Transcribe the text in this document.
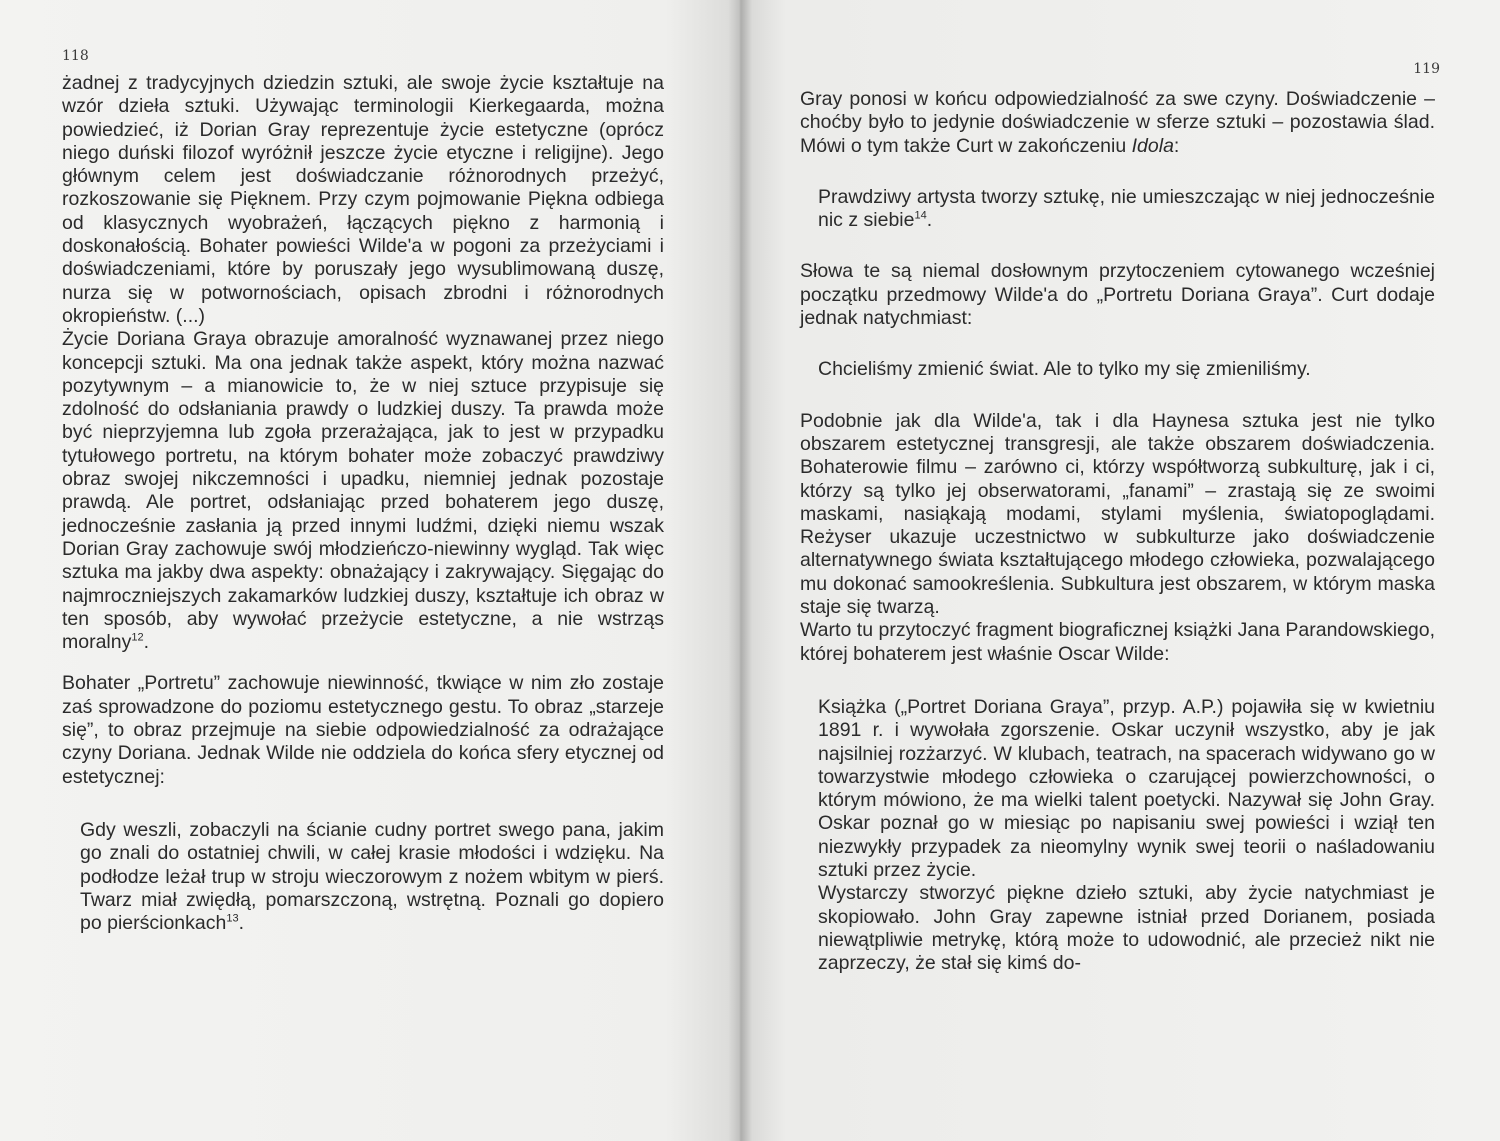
118

żadnej z tradycyjnych dziedzin sztuki, ale swoje życie kształtuje na wzór dzieła sztuki. Używając terminologii Kierkegaarda, można powiedzieć, iż Dorian Gray reprezentuje życie estetyczne (oprócz niego duński filozof wyróżnił jeszcze życie etyczne i religijne). Jego głównym celem jest doświadczanie różnorodnych przeżyć, rozkoszowanie się Pięknem. Przy czym pojmowanie Piękna odbiega od klasycznych wyobrażeń, łączących piękno z harmonią i doskonałością. Bohater powieści Wilde'a w pogoni za przeżyciami i doświadczeniami, które by poruszały jego wysublimowaną duszę, nurza się w potwornościach, opisach zbrodni i różnorodnych okropieństw. (...)

Życie Doriana Graya obrazuje amoralność wyznawanej przez niego koncepcji sztuki. Ma ona jednak także aspekt, który można nazwać pozytywnym – a mianowicie to, że w niej sztuce przypisuje się zdolność do odsłaniania prawdy o ludzkiej duszy. Ta prawda może być nieprzyjemna lub zgoła przerażająca, jak to jest w przypadku tytułowego portretu, na którym bohater może zobaczyć prawdziwy obraz swojej nikczemności i upadku, niemniej jednak pozostaje prawdą. Ale portret, odsłaniając przed bohaterem jego duszę, jednocześnie zasłania ją przed innymi ludźmi, dzięki niemu wszak Dorian Gray zachowuje swój młodzieńczo-niewinny wygląd. Tak więc sztuka ma jakby dwa aspekty: obnażający i zakrywający. Sięgając do najmroczniejszych zakamarków ludzkiej duszy, kształtuje ich obraz w ten sposób, aby wywołać przeżycie estetyczne, a nie wstrząs moralny$^{12}$.

Bohater „Portretu” zachowuje niewinność, tkwiące w nim zło zostaje zaś sprowadzone do poziomu estetycznego gestu. To obraz „starzeje się”, to obraz przejmuje na siebie odpowiedzialność za odrażające czyny Doriana. Jednak Wilde nie oddziela do końca sfery etycznej od estetycznej:

Gdy weszli, zobaczyli na ścianie cudny portret swego pana, jakim go znali do ostatniej chwili, w całej krasie młodości i wdzięku. Na podłodze leżał trup w stroju wieczorowym z nożem wbitym w pierś. Twarz miał zwiędłą, pomarszczoną, wstrętną. Poznali go dopiero po pierścionkach$^{13}$.

119

Gray ponosi w końcu odpowiedzialność za swe czyny. Doświadczenie – choćby było to jedynie doświadczenie w sferze sztuki – pozostawia ślad. Mówi o tym także Curt w zakończeniu Idola:

Prawdziwy artysta tworzy sztukę, nie umieszczając w niej jednocześnie nic z siebie$^{14}$.

Słowa te są niemal dosłownym przytoczeniem cytowanego wcześniej początku przedmowy Wilde'a do „Portretu Doriana Graya”. Curt dodaje jednak natychmiast:

Chcieliśmy zmienić świat. Ale to tylko my się zmieniliśmy.

Podobnie jak dla Wilde'a, tak i dla Haynesa sztuka jest nie tylko obszarem estetycznej transgresji, ale także obszarem doświadczenia. Bohaterowie filmu – zarówno ci, którzy współtworzą subkulturę, jak i ci, którzy są tylko jej obserwatorami, „fanami” – zrastają się ze swoimi maskami, nasiąkają modami, stylami myślenia, światopoglądami. Reżyser ukazuje uczestnictwo w subkulturze jako doświadczenie alternatywnego świata kształtującego młodego człowieka, pozwalającego mu dokonać samookreślenia. Subkultura jest obszarem, w którym maska staje się twarzą.

Warto tu przytoczyć fragment biograficznej książki Jana Parandowskiego, której bohaterem jest właśnie Oscar Wilde:

Książka („Portret Doriana Graya”, przyp. A.P.) pojawiła się w kwietniu 1891 r. i wywołała zgorszenie. Oskar uczynił wszystko, aby je jak najsilniej rozżarzyć. W klubach, teatrach, na spacerach widywano go w towarzystwie młodego człowieka o czarującej powierzchowności, o którym mówiono, że ma wielki talent poetycki. Nazywał się John Gray. Oskar poznał go w miesiąc po napisaniu swej powieści i wziął ten niezwykły przypadek za nieomylny wynik swej teorii o naśladowaniu sztuki przez życie.

Wystarczy stworzyć piękne dzieło sztuki, aby życie natychmiast je skopiowało. John Gray zapewne istniał przed Dorianem, posiada niewątpliwie metrykę, którą może to udowodnić, ale przecież nikt nie zaprzeczy, że stał się kimś do-
